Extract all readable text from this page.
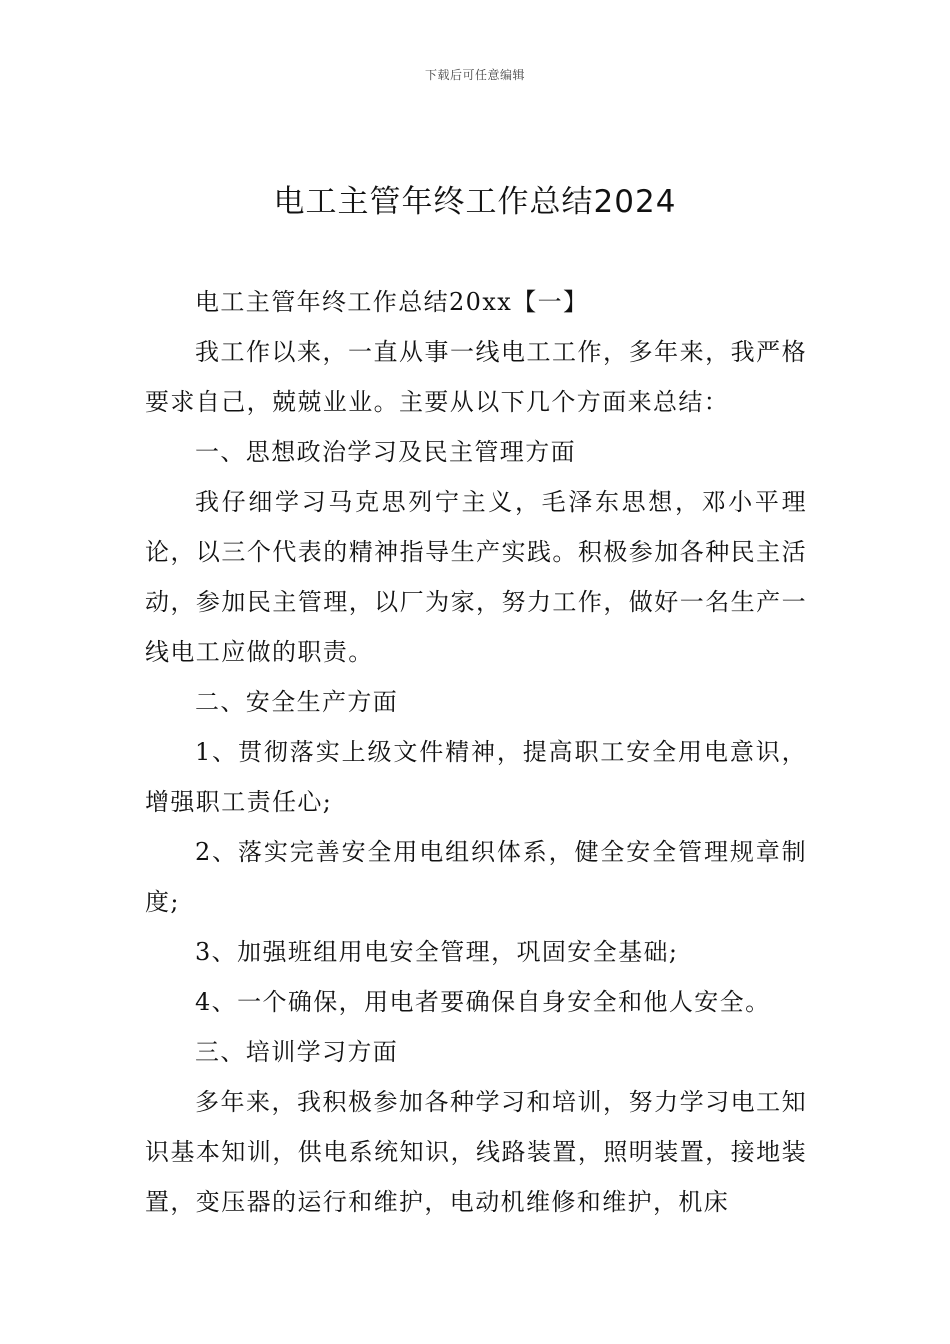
下载后可任意编辑
电工主管年终工作总结2024

电工主管年终工作总结20xx【一】

我工作以来，一直从事一线电工工作，多年来，我严格要求自己，兢兢业业。主要从以下几个方面来总结：

一、思想政治学习及民主管理方面

我仔细学习马克思列宁主义，毛泽东思想，邓小平理论，以三个代表的精神指导生产实践。积极参加各种民主活动，参加民主管理，以厂为家，努力工作，做好一名生产一线电工应做的职责。

二、安全生产方面

1、贯彻落实上级文件精神，提高职工安全用电意识，增强职工责任心;

2、落实完善安全用电组织体系，健全安全管理规章制度;

3、加强班组用电安全管理，巩固安全基础;

4、一个确保，用电者要确保自身安全和他人安全。

三、培训学习方面

多年来，我积极参加各种学习和培训，努力学习电工知识基本知训，供电系统知识，线路装置，照明装置，接地装置，变压器的运行和维护，电动机维修和维护，机床
